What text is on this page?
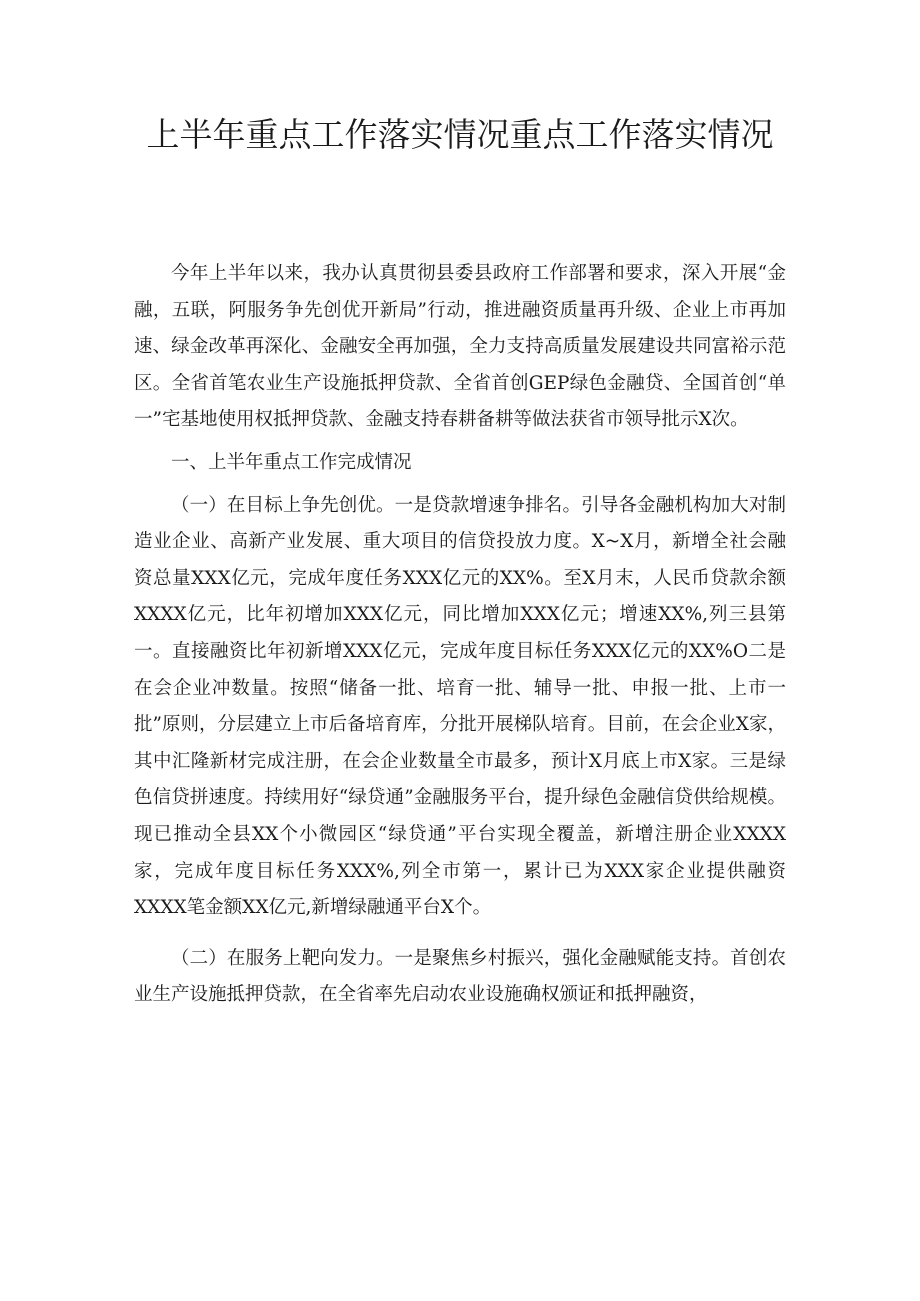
上半年重点工作落实情况重点工作落实情况

今年上半年以来，我办认真贯彻县委县政府工作部署和要求，深入开展“金融，五联，阿服务争先创优开新局”行动，推进融资质量再升级、企业上市再加速、绿金改革再深化、金融安全再加强，全力支持高质量发展建设共同富裕示范区。全省首笔农业生产设施抵押贷款、全省首创GEP绿色金融贷、全国首创“单一”宅基地使用权抵押贷款、金融支持春耕备耕等做法获省市领导批示X次。

一、上半年重点工作完成情况

（一）在目标上争先创优。一是贷款增速争排名。引导各金融机构加大对制造业企业、高新产业发展、重大项目的信贷投放力度。X~X月，新增全社会融资总量XXX亿元，完成年度任务XXX亿元的XX%。至X月末，人民币贷款余额XXXX亿元，比年初增加XXX亿元，同比增加XXX亿元；增速XX%,列三县第一。直接融资比年初新增XXX亿元，完成年度目标任务XXX亿元的XX%O二是在会企业冲数量。按照“储备一批、培育一批、辅导一批、申报一批、上市一批”原则，分层建立上市后备培育库，分批开展梯队培育。目前，在会企业X家，其中汇隆新材完成注册，在会企业数量全市最多，预计X月底上市X家。三是绿色信贷拼速度。持续用好“绿贷通”金融服务平台，提升绿色金融信贷供给规模。现已推动全县XX个小微园区“绿贷通”平台实现全覆盖，新增注册企业XXXX家，完成年度目标任务XXX%,列全市第一，累计已为XXX家企业提供融资XXXX笔金额XX亿元,新增绿融通平台X个。

（二）在服务上靶向发力。一是聚焦乡村振兴，强化金融赋能支持。首创农业生产设施抵押贷款，在全省率先启动农业设施确权颁证和抵押融资，
